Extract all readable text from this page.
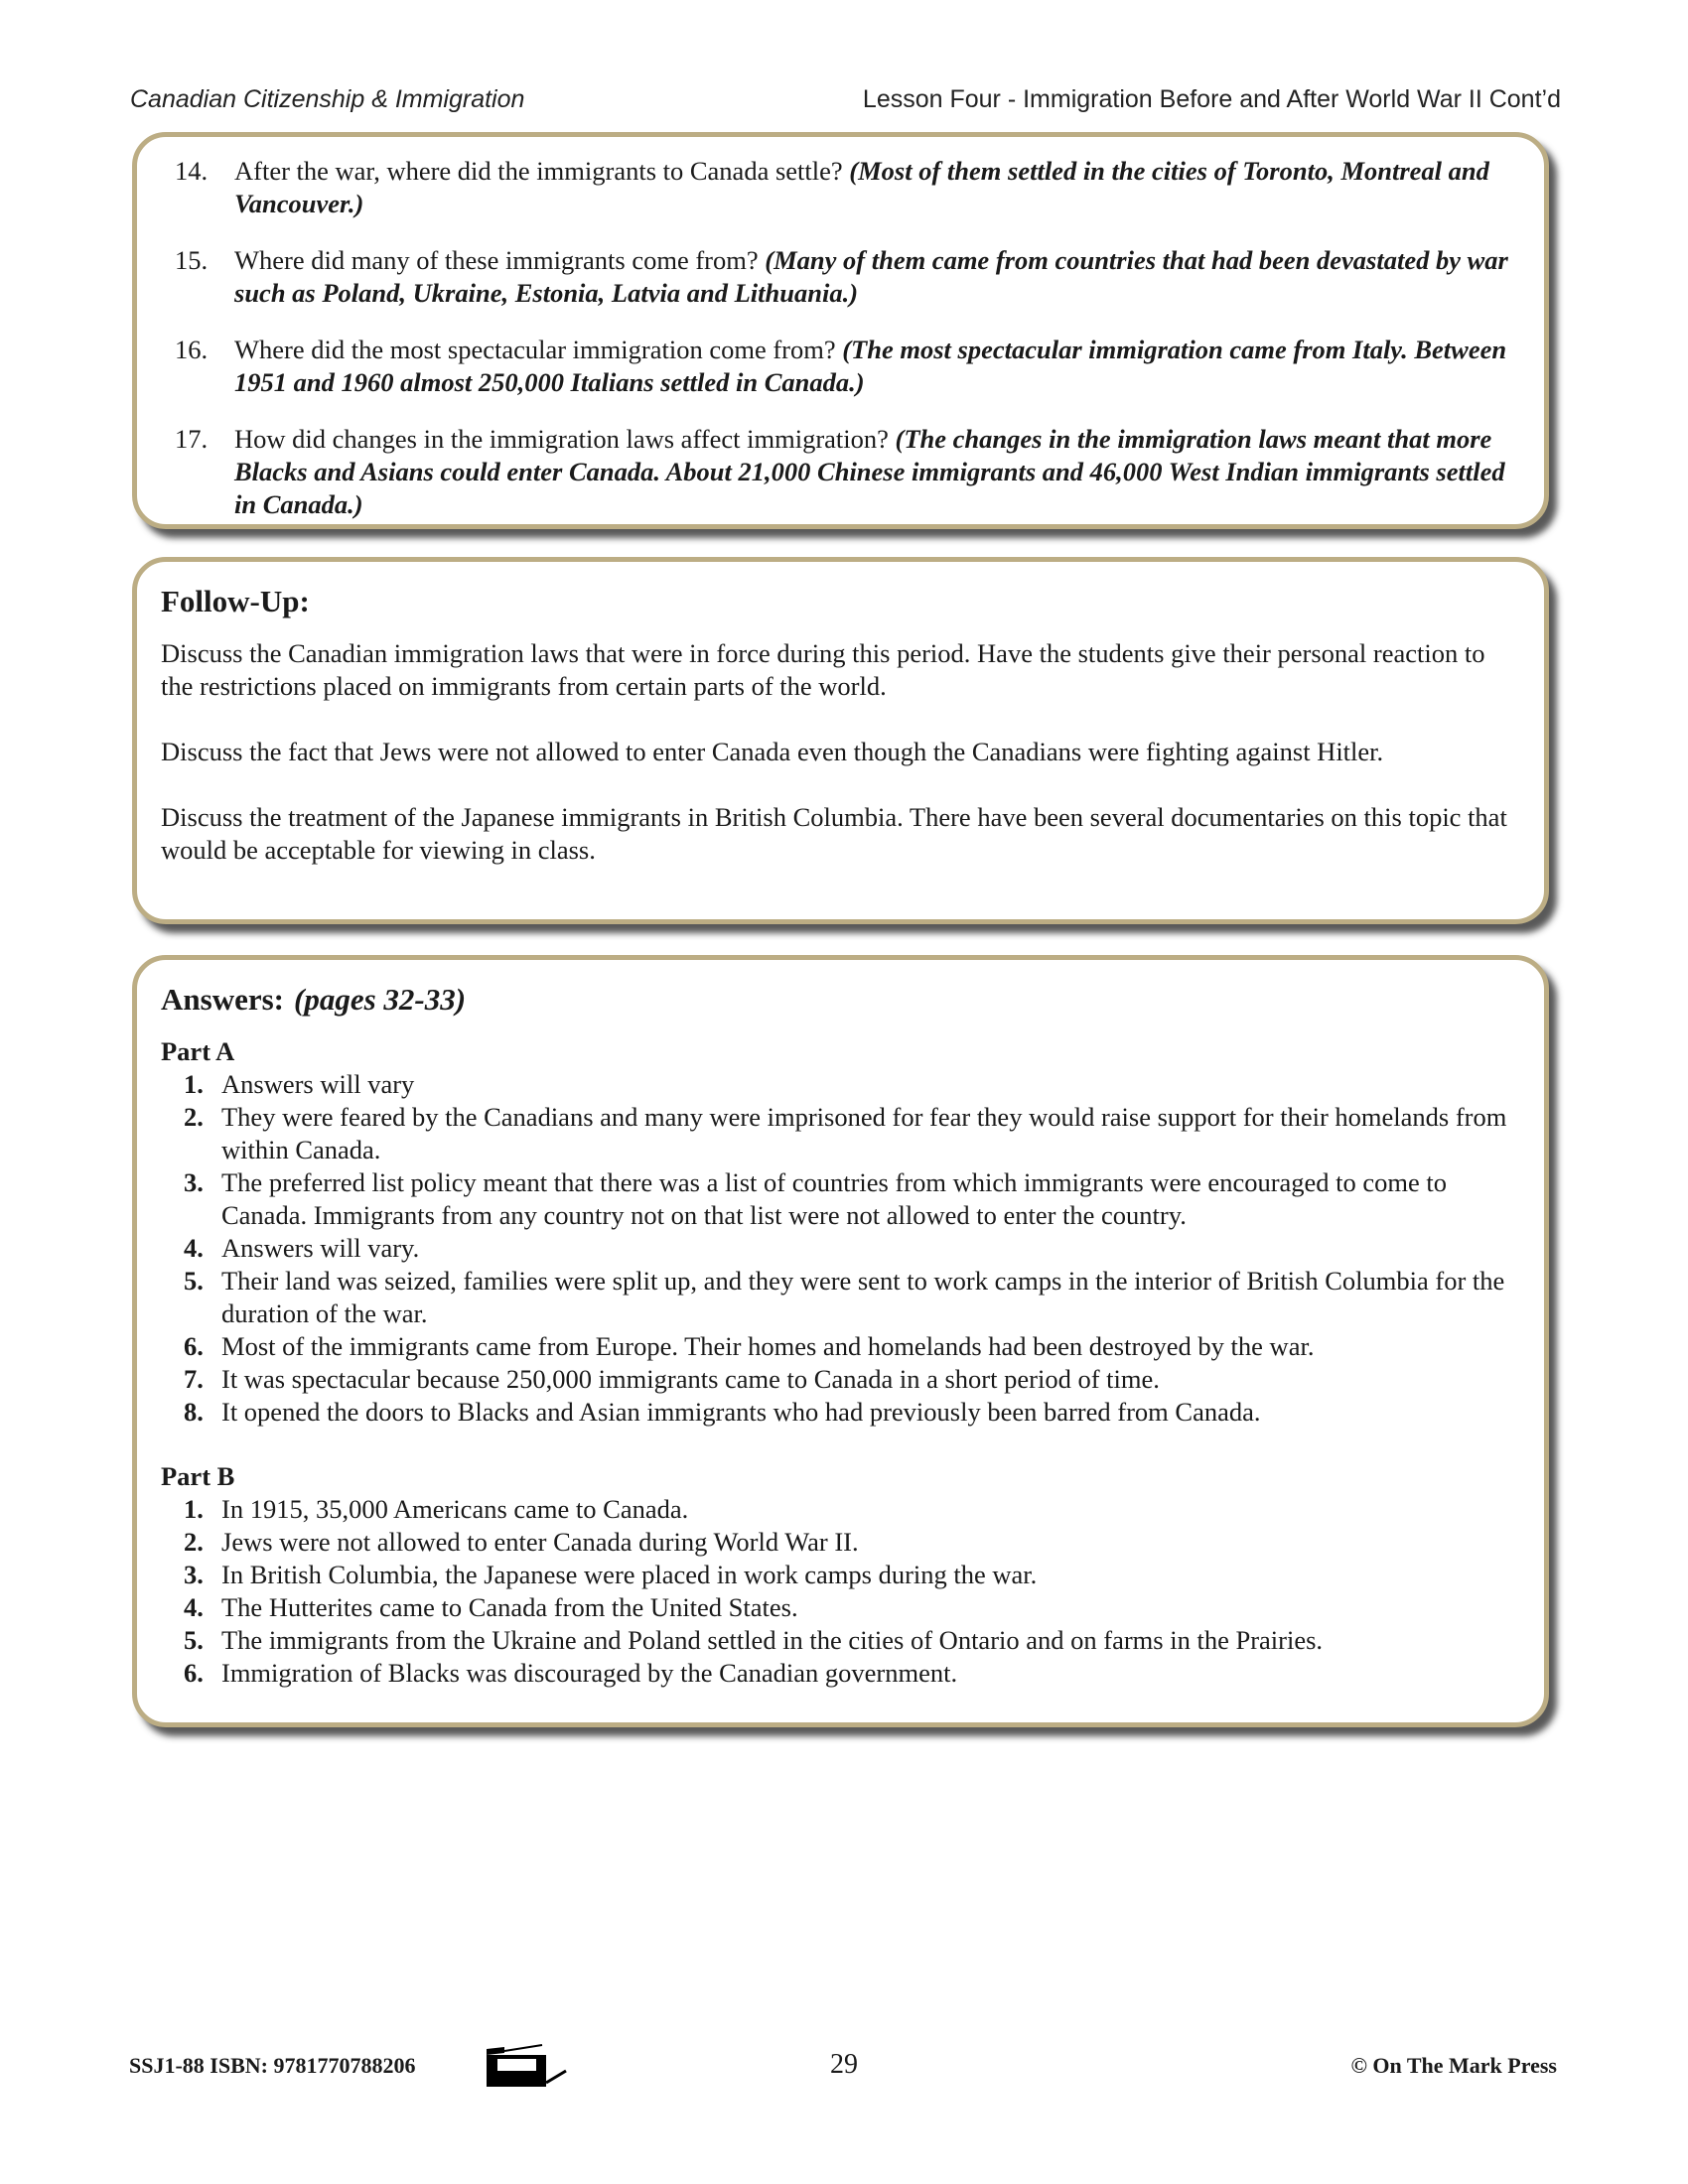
Canadian Citizenship & Immigration	Lesson Four - Immigration Before and After World War II Cont’d
14.	After the war, where did the immigrants to Canada settle? (Most of them settled in the cities of Toronto, Montreal and Vancouver.)
15.	Where did many of these immigrants come from? (Many of them came from countries that had been devastated by war such as Poland, Ukraine, Estonia, Latvia and Lithuania.)
16.	Where did the most spectacular immigration come from? (The most spectacular immigration came from Italy. Between 1951 and 1960 almost 250,000 Italians settled in Canada.)
17.	How did changes in the immigration laws affect immigration? (The changes in the immigration laws meant that more Blacks and Asians could enter Canada. About 21,000 Chinese immigrants and 46,000 West Indian immigrants settled in Canada.)
Follow-Up:

Discuss the Canadian immigration laws that were in force during this period. Have the students give their personal reaction to the restrictions placed on immigrants from certain parts of the world.

Discuss the fact that Jews were not allowed to enter Canada even though the Canadians were fighting against Hitler.

Discuss the treatment of the Japanese immigrants in British Columbia. There have been several documentaries on this topic that would be acceptable for viewing in class.

Answers: (pages 32-33)
Part A
1. Answers will vary
2. They were feared by the Canadians and many were imprisoned for fear they would raise support for their homelands from within Canada.
3. The preferred list policy meant that there was a list of countries from which immigrants were encouraged to come to Canada. Immigrants from any country not on that list were not allowed to enter the country.
4. Answers will vary.
5. Their land was seized, families were split up, and they were sent to work camps in the interior of British Columbia for the duration of the war.
6. Most of the immigrants came from Europe. Their homes and homelands had been destroyed by the war.
7. It was spectacular because 250,000 immigrants came to Canada in a short period of time.
8. It opened the doors to Blacks and Asian immigrants who had previously been barred from Canada.
Part B
1. In 1915, 35,000 Americans came to Canada.
2. Jews were not allowed to enter Canada during World War II.
3. In British Columbia, the Japanese were placed in work camps during the war.
4. The Hutterites came to Canada from the United States.
5. The immigrants from the Ukraine and Poland settled in the cities of Ontario and on farms in the Prairies.
6. Immigration of Blacks was discouraged by the Canadian government.
SSJ1-88 ISBN: 9781770788206	29	© On The Mark Press
